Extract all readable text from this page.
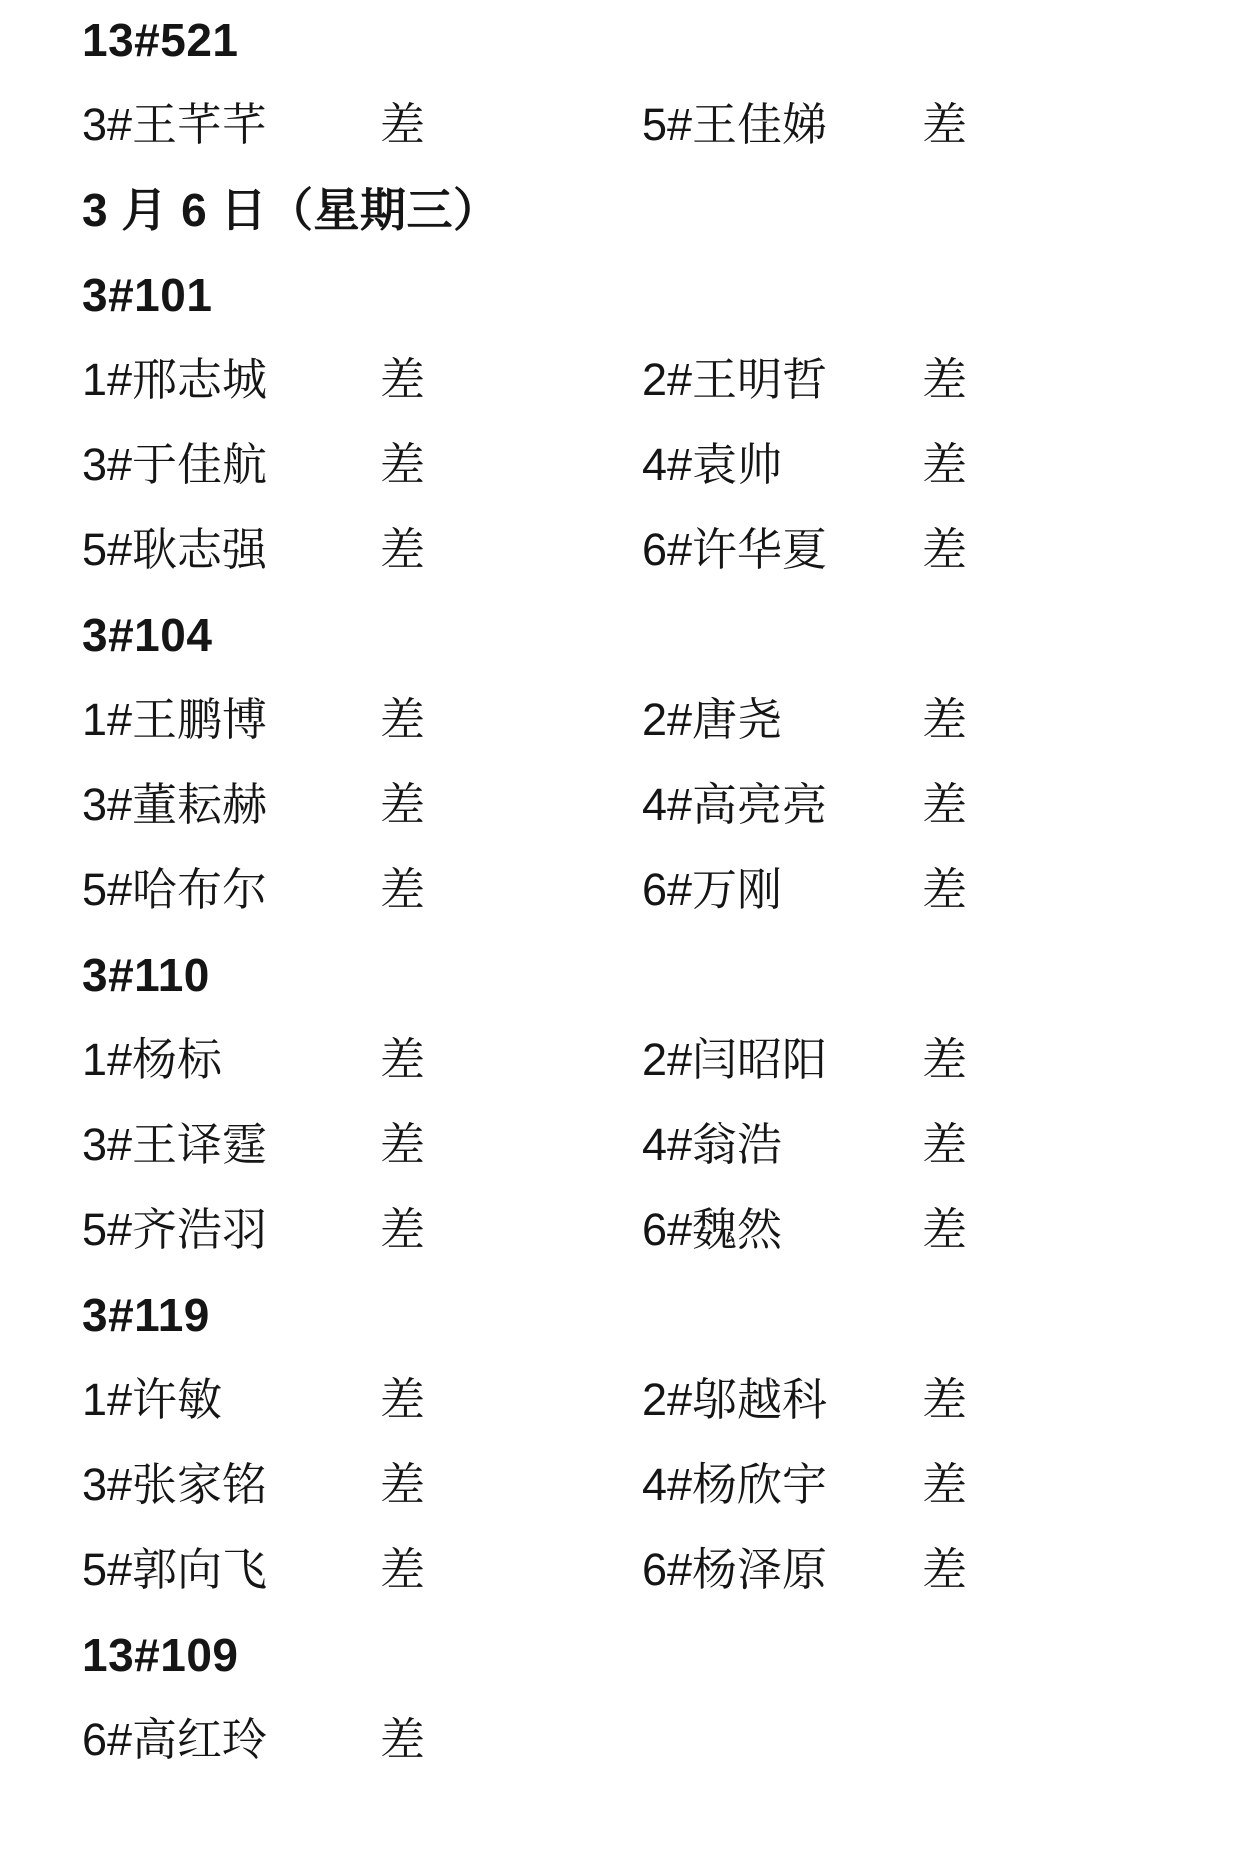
13#521
3#王芊芊	差	5#王佳娣	差
3 月 6 日（星期三）
3#101
1#邢志城	差	2#王明哲	差
3#于佳航	差	4#袁帅	差
5#耿志强	差	6#许华夏	差
3#104
1#王鹏博	差	2#唐尧	差
3#董耘赫	差	4#高亮亮	差
5#哈布尔	差	6#万刚	差
3#110
1#杨标	差	2#闫昭阳	差
3#王译霆	差	4#翁浩	差
5#齐浩羽	差	6#魏然	差
3#119
1#许敏	差	2#邬越科	差
3#张家铭	差	4#杨欣宇	差
5#郭向飞	差	6#杨泽原	差
13#109
6#高红玲	差
